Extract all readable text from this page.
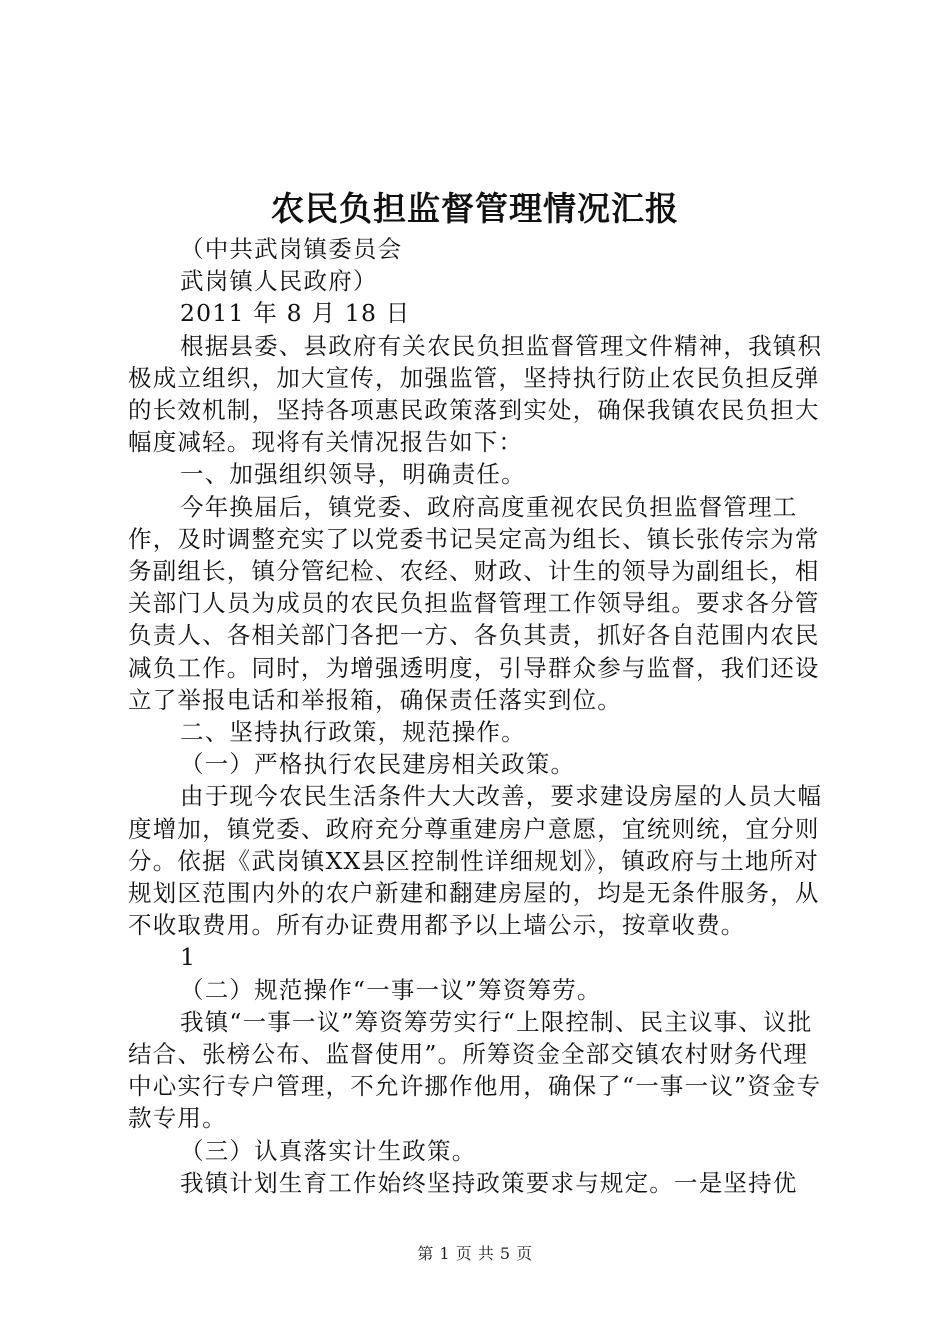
农民负担监督管理情况汇报

（中共武岗镇委员会

武岗镇人民政府）

2011 年 8 月 18 日

根据县委、县政府有关农民负担监督管理文件精神，我镇积极成立组织，加大宣传，加强监管，坚持执行防止农民负担反弹的长效机制，坚持各项惠民政策落到实处，确保我镇农民负担大幅度减轻。现将有关情况报告如下：

一、加强组织领导，明确责任。

今年换届后，镇党委、政府高度重视农民负担监督管理工作，及时调整充实了以党委书记吴定高为组长、镇长张传宗为常务副组长，镇分管纪检、农经、财政、计生的领导为副组长，相关部门人员为成员的农民负担监督管理工作领导组。要求各分管负责人、各相关部门各把一方、各负其责，抓好各自范围内农民减负工作。同时，为增强透明度，引导群众参与监督，我们还设立了举报电话和举报箱，确保责任落实到位。

二、坚持执行政策，规范操作。

（一）严格执行农民建房相关政策。

由于现今农民生活条件大大改善，要求建设房屋的人员大幅度增加，镇党委、政府充分尊重建房户意愿，宜统则统，宜分则分。依据《武岗镇XX县区控制性详细规划》，镇政府与土地所对规划区范围内外的农户新建和翻建房屋的，均是无条件服务，从不收取费用。所有办证费用都予以上墙公示，按章收费。

1

（二）规范操作“一事一议”筹资筹劳。

我镇“一事一议”筹资筹劳实行“上限控制、民主议事、议批结合、张榜公布、监督使用”。所筹资金全部交镇农村财务代理中心实行专户管理，不允许挪作他用，确保了“一事一议”资金专款专用。

（三）认真落实计生政策。

我镇计划生育工作始终坚持政策要求与规定。一是坚持优

第 1 页 共 5 页
